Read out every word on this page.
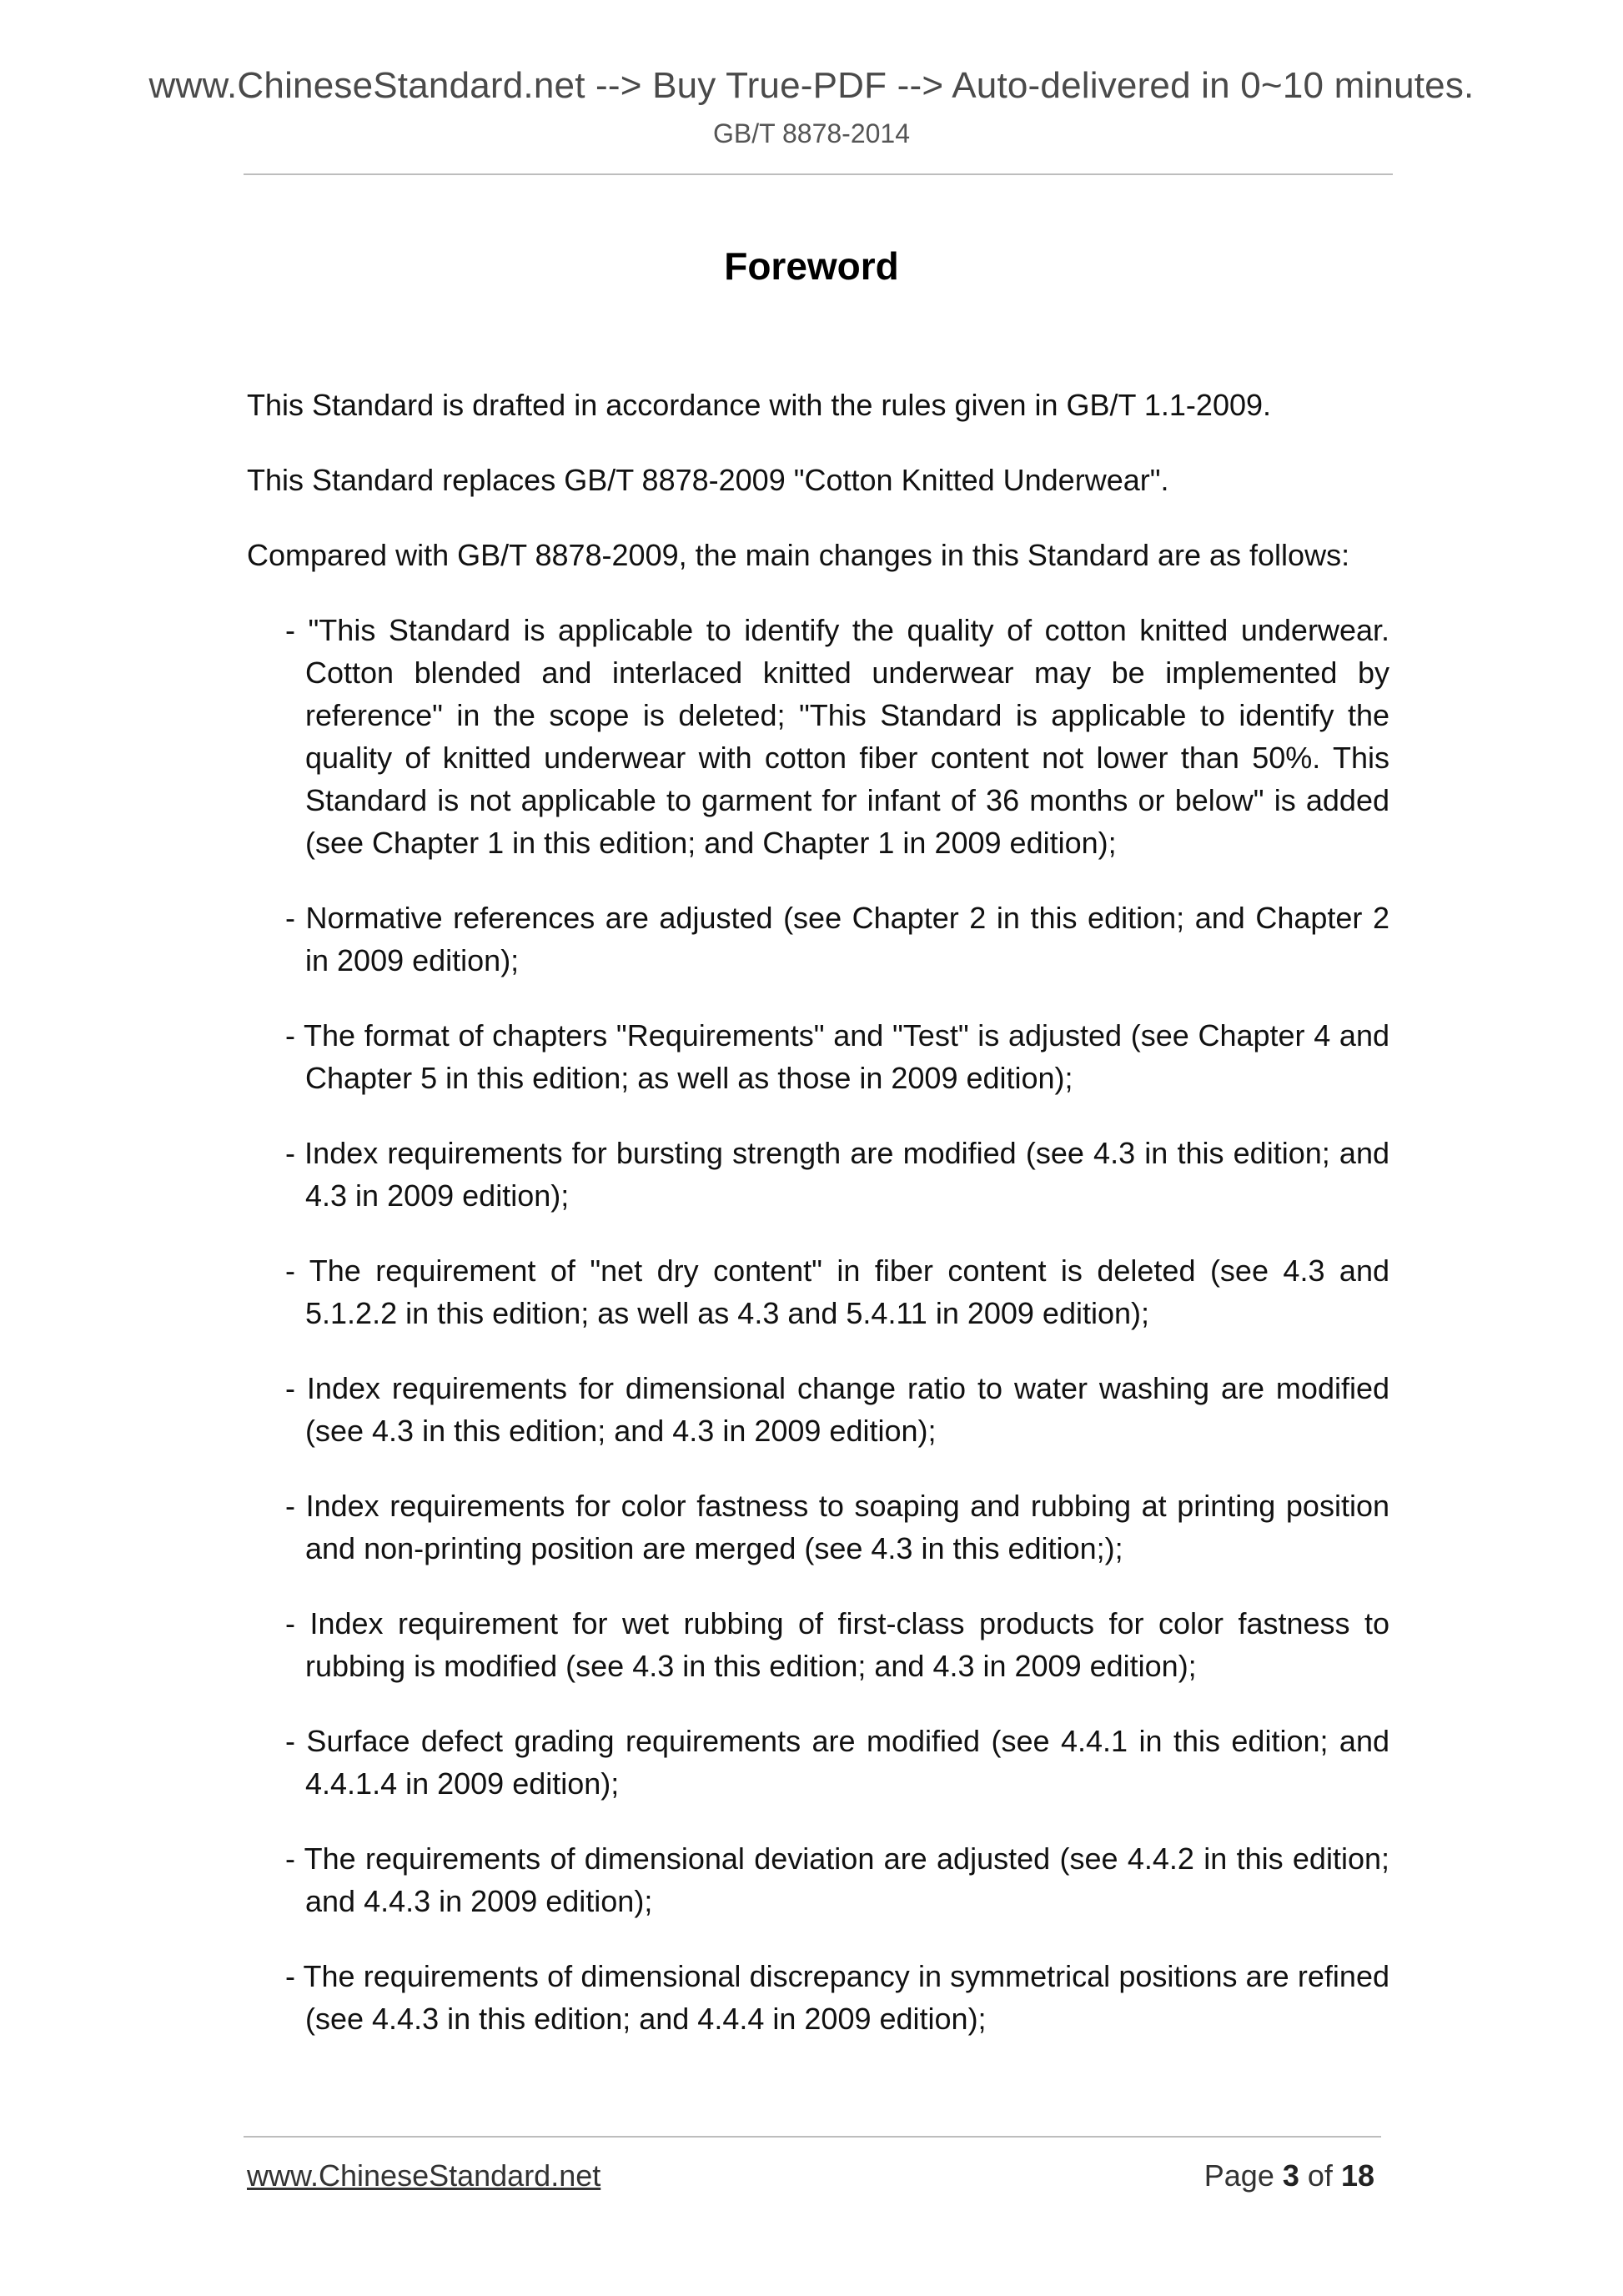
www.ChineseStandard.net --> Buy True-PDF --> Auto-delivered in 0~10 minutes.
GB/T 8878-2014
Foreword

This Standard is drafted in accordance with the rules given in GB/T 1.1-2009.

This Standard replaces GB/T 8878-2009 "Cotton Knitted Underwear".

Compared with GB/T 8878-2009, the main changes in this Standard are as follows:

- "This Standard is applicable to identify the quality of cotton knitted underwear. Cotton blended and interlaced knitted underwear may be implemented by reference" in the scope is deleted; "This Standard is applicable to identify the quality of knitted underwear with cotton fiber content not lower than 50%. This Standard is not applicable to garment for infant of 36 months or below" is added (see Chapter 1 in this edition; and Chapter 1 in 2009 edition);
- Normative references are adjusted (see Chapter 2 in this edition; and Chapter 2 in 2009 edition);
- The format of chapters "Requirements" and "Test" is adjusted (see Chapter 4 and Chapter 5 in this edition; as well as those in 2009 edition);
- Index requirements for bursting strength are modified (see 4.3 in this edition; and 4.3 in 2009 edition);
- The requirement of "net dry content" in fiber content is deleted (see 4.3 and 5.1.2.2 in this edition; as well as 4.3 and 5.4.11 in 2009 edition);
- Index requirements for dimensional change ratio to water washing are modified (see 4.3 in this edition; and 4.3 in 2009 edition);
- Index requirements for color fastness to soaping and rubbing at printing position and non-printing position are merged (see 4.3 in this edition;);
- Index requirement for wet rubbing of first-class products for color fastness to rubbing is modified (see 4.3 in this edition; and 4.3 in 2009 edition);
- Surface defect grading requirements are modified (see 4.4.1 in this edition; and 4.4.1.4 in 2009 edition);
- The requirements of dimensional deviation are adjusted (see 4.4.2 in this edition; and 4.4.3 in 2009 edition);
- The requirements of dimensional discrepancy in symmetrical positions are refined (see 4.4.3 in this edition; and 4.4.4 in 2009 edition);
www.ChineseStandard.net	Page 3 of 18
